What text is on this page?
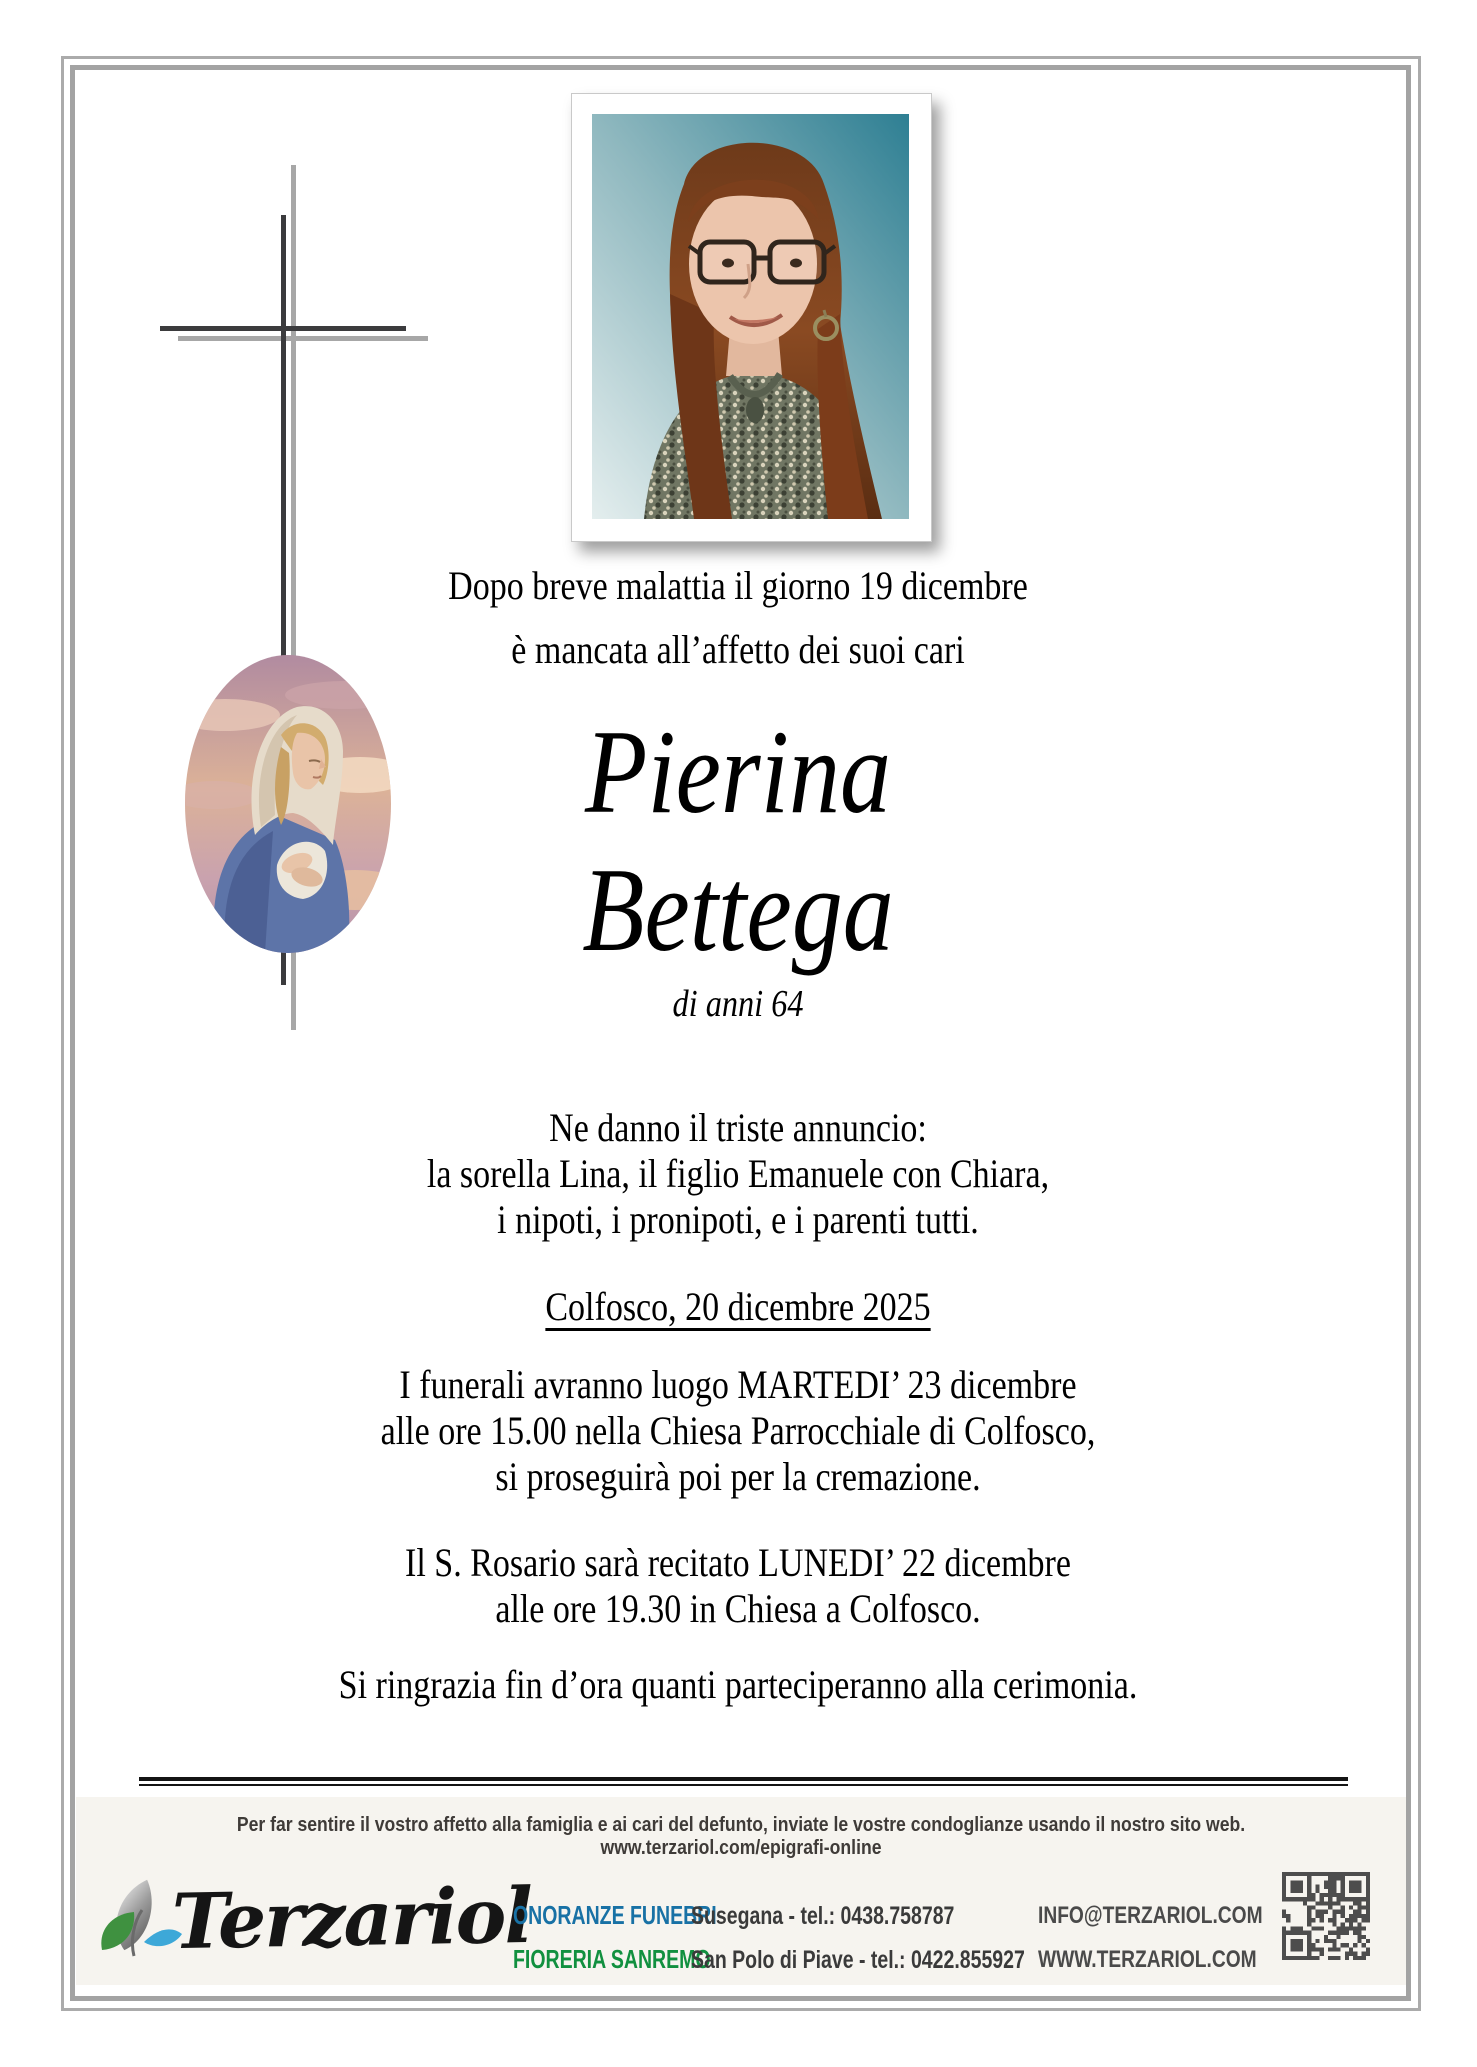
Dopo breve malattia il giorno 19 dicembre
è mancata all’affetto dei suoi cari
Pierina
Bettega
di anni 64
Ne danno il triste annuncio:
la sorella Lina, il figlio Emanuele con Chiara,
i nipoti, i pronipoti, e i parenti tutti.
Colfosco, 20 dicembre 2025
I funerali avranno luogo MARTEDI’ 23 dicembre
alle ore 15.00 nella Chiesa Parrocchiale di Colfosco,
si proseguirà poi per la cremazione.
Il S. Rosario sarà recitato LUNEDI’ 22 dicembre
alle ore 19.30 in Chiesa a Colfosco.
Si ringrazia fin d’ora quanti parteciperanno alla cerimonia.
Per far sentire il vostro affetto alla famiglia e ai cari del defunto, inviate le vostre condoglianze usando il nostro sito web. www.terzariol.com/epigrafi-online
Terzariol
ONORANZE FUNEBRISusegana - tel.: 0438.758787
FIORERIA SANREMOSan Polo di Piave - tel.: 0422.855927
INFO@TERZARIOL.COM
WWW.TERZARIOL.COM
